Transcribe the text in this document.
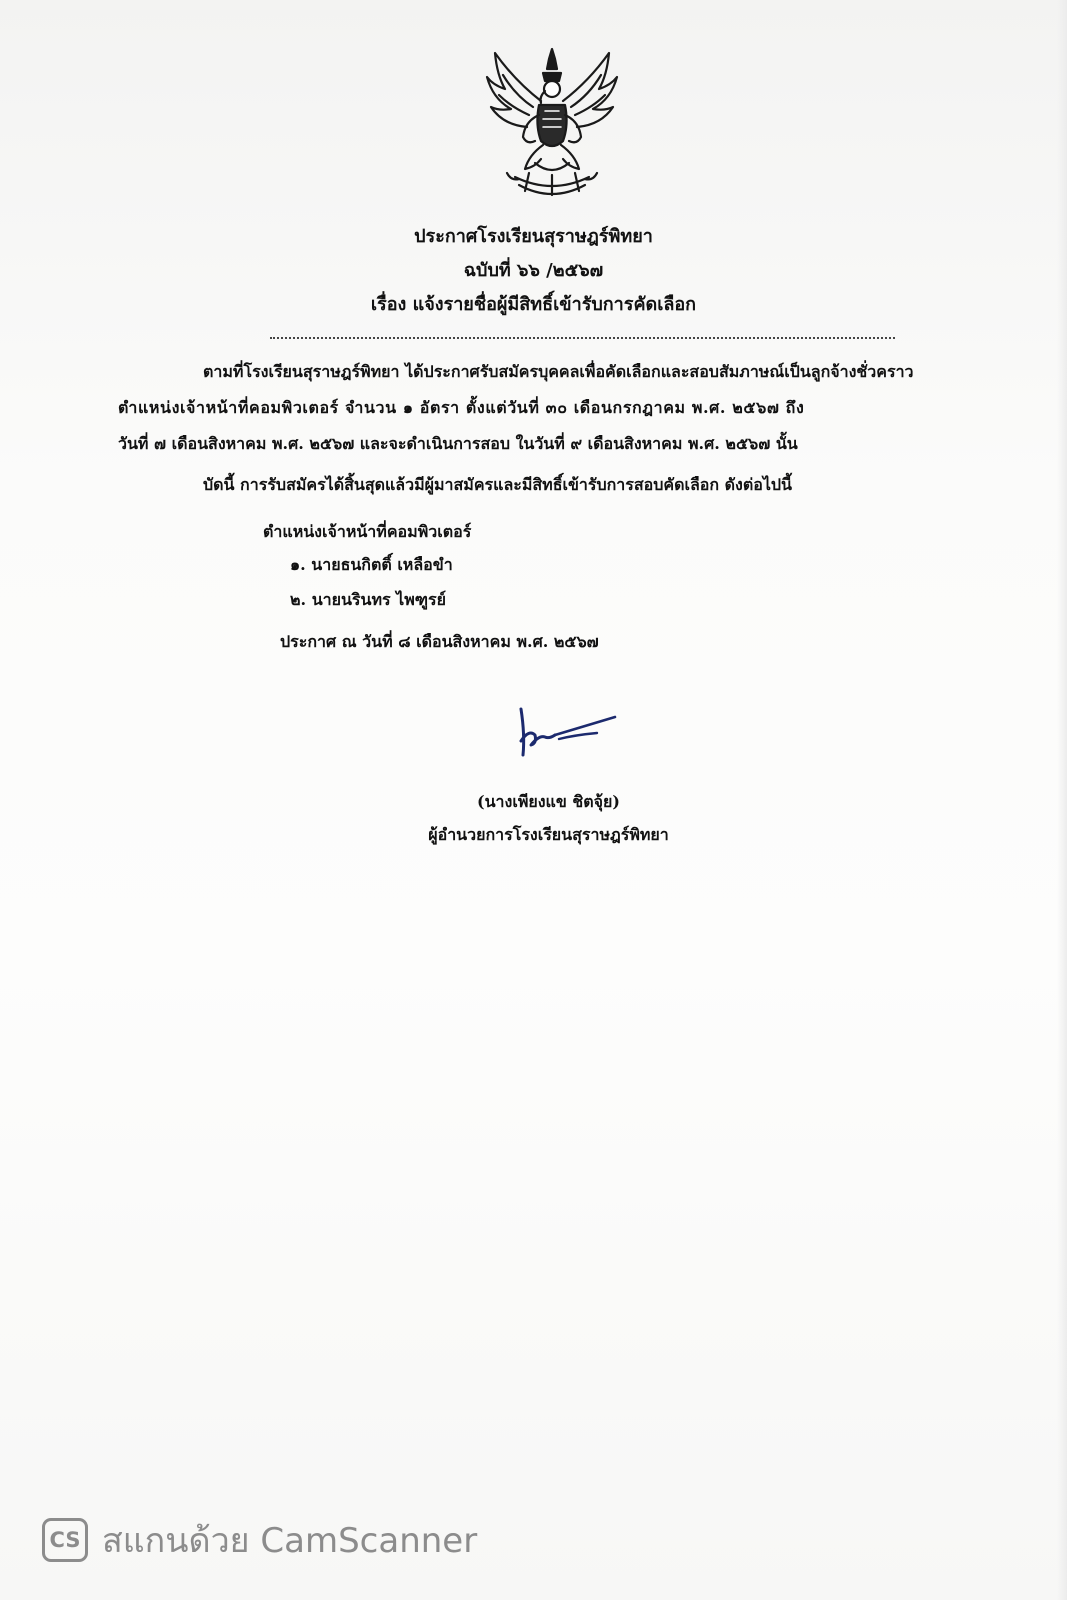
ประกาศโรงเรียนสุราษฎร์พิทยา
ฉบับที่ ๖๖ /๒๕๖๗
เรื่อง แจ้งรายชื่อผู้มีสิทธิ์เข้ารับการคัดเลือก
ตามที่โรงเรียนสุราษฎร์พิทยา ได้ประกาศรับสมัครบุคคลเพื่อคัดเลือกและสอบสัมภาษณ์เป็นลูกจ้างชั่วคราว
ตำแหน่งเจ้าหน้าที่คอมพิวเตอร์ จำนวน ๑ อัตรา ตั้งแต่วันที่ ๓๐ เดือนกรกฎาคม พ.ศ. ๒๕๖๗ ถึง
วันที่ ๗ เดือนสิงหาคม พ.ศ. ๒๕๖๗ และจะดำเนินการสอบ ในวันที่ ๙ เดือนสิงหาคม พ.ศ. ๒๕๖๗ นั้น
บัดนี้ การรับสมัครได้สิ้นสุดแล้วมีผู้มาสมัครและมีสิทธิ์เข้ารับการสอบคัดเลือก ดังต่อไปนี้
ตำแหน่งเจ้าหน้าที่คอมพิวเตอร์
๑. นายธนกิตติ์ เหลือขำ
๒. นายนรินทร ไพฑูรย์
ประกาศ ณ วันที่ ๘ เดือนสิงหาคม พ.ศ. ๒๕๖๗
(นางเพียงแข ชิตจุ้ย)
ผู้อำนวยการโรงเรียนสุราษฎร์พิทยา
CS สแกนด้วย CamScanner
